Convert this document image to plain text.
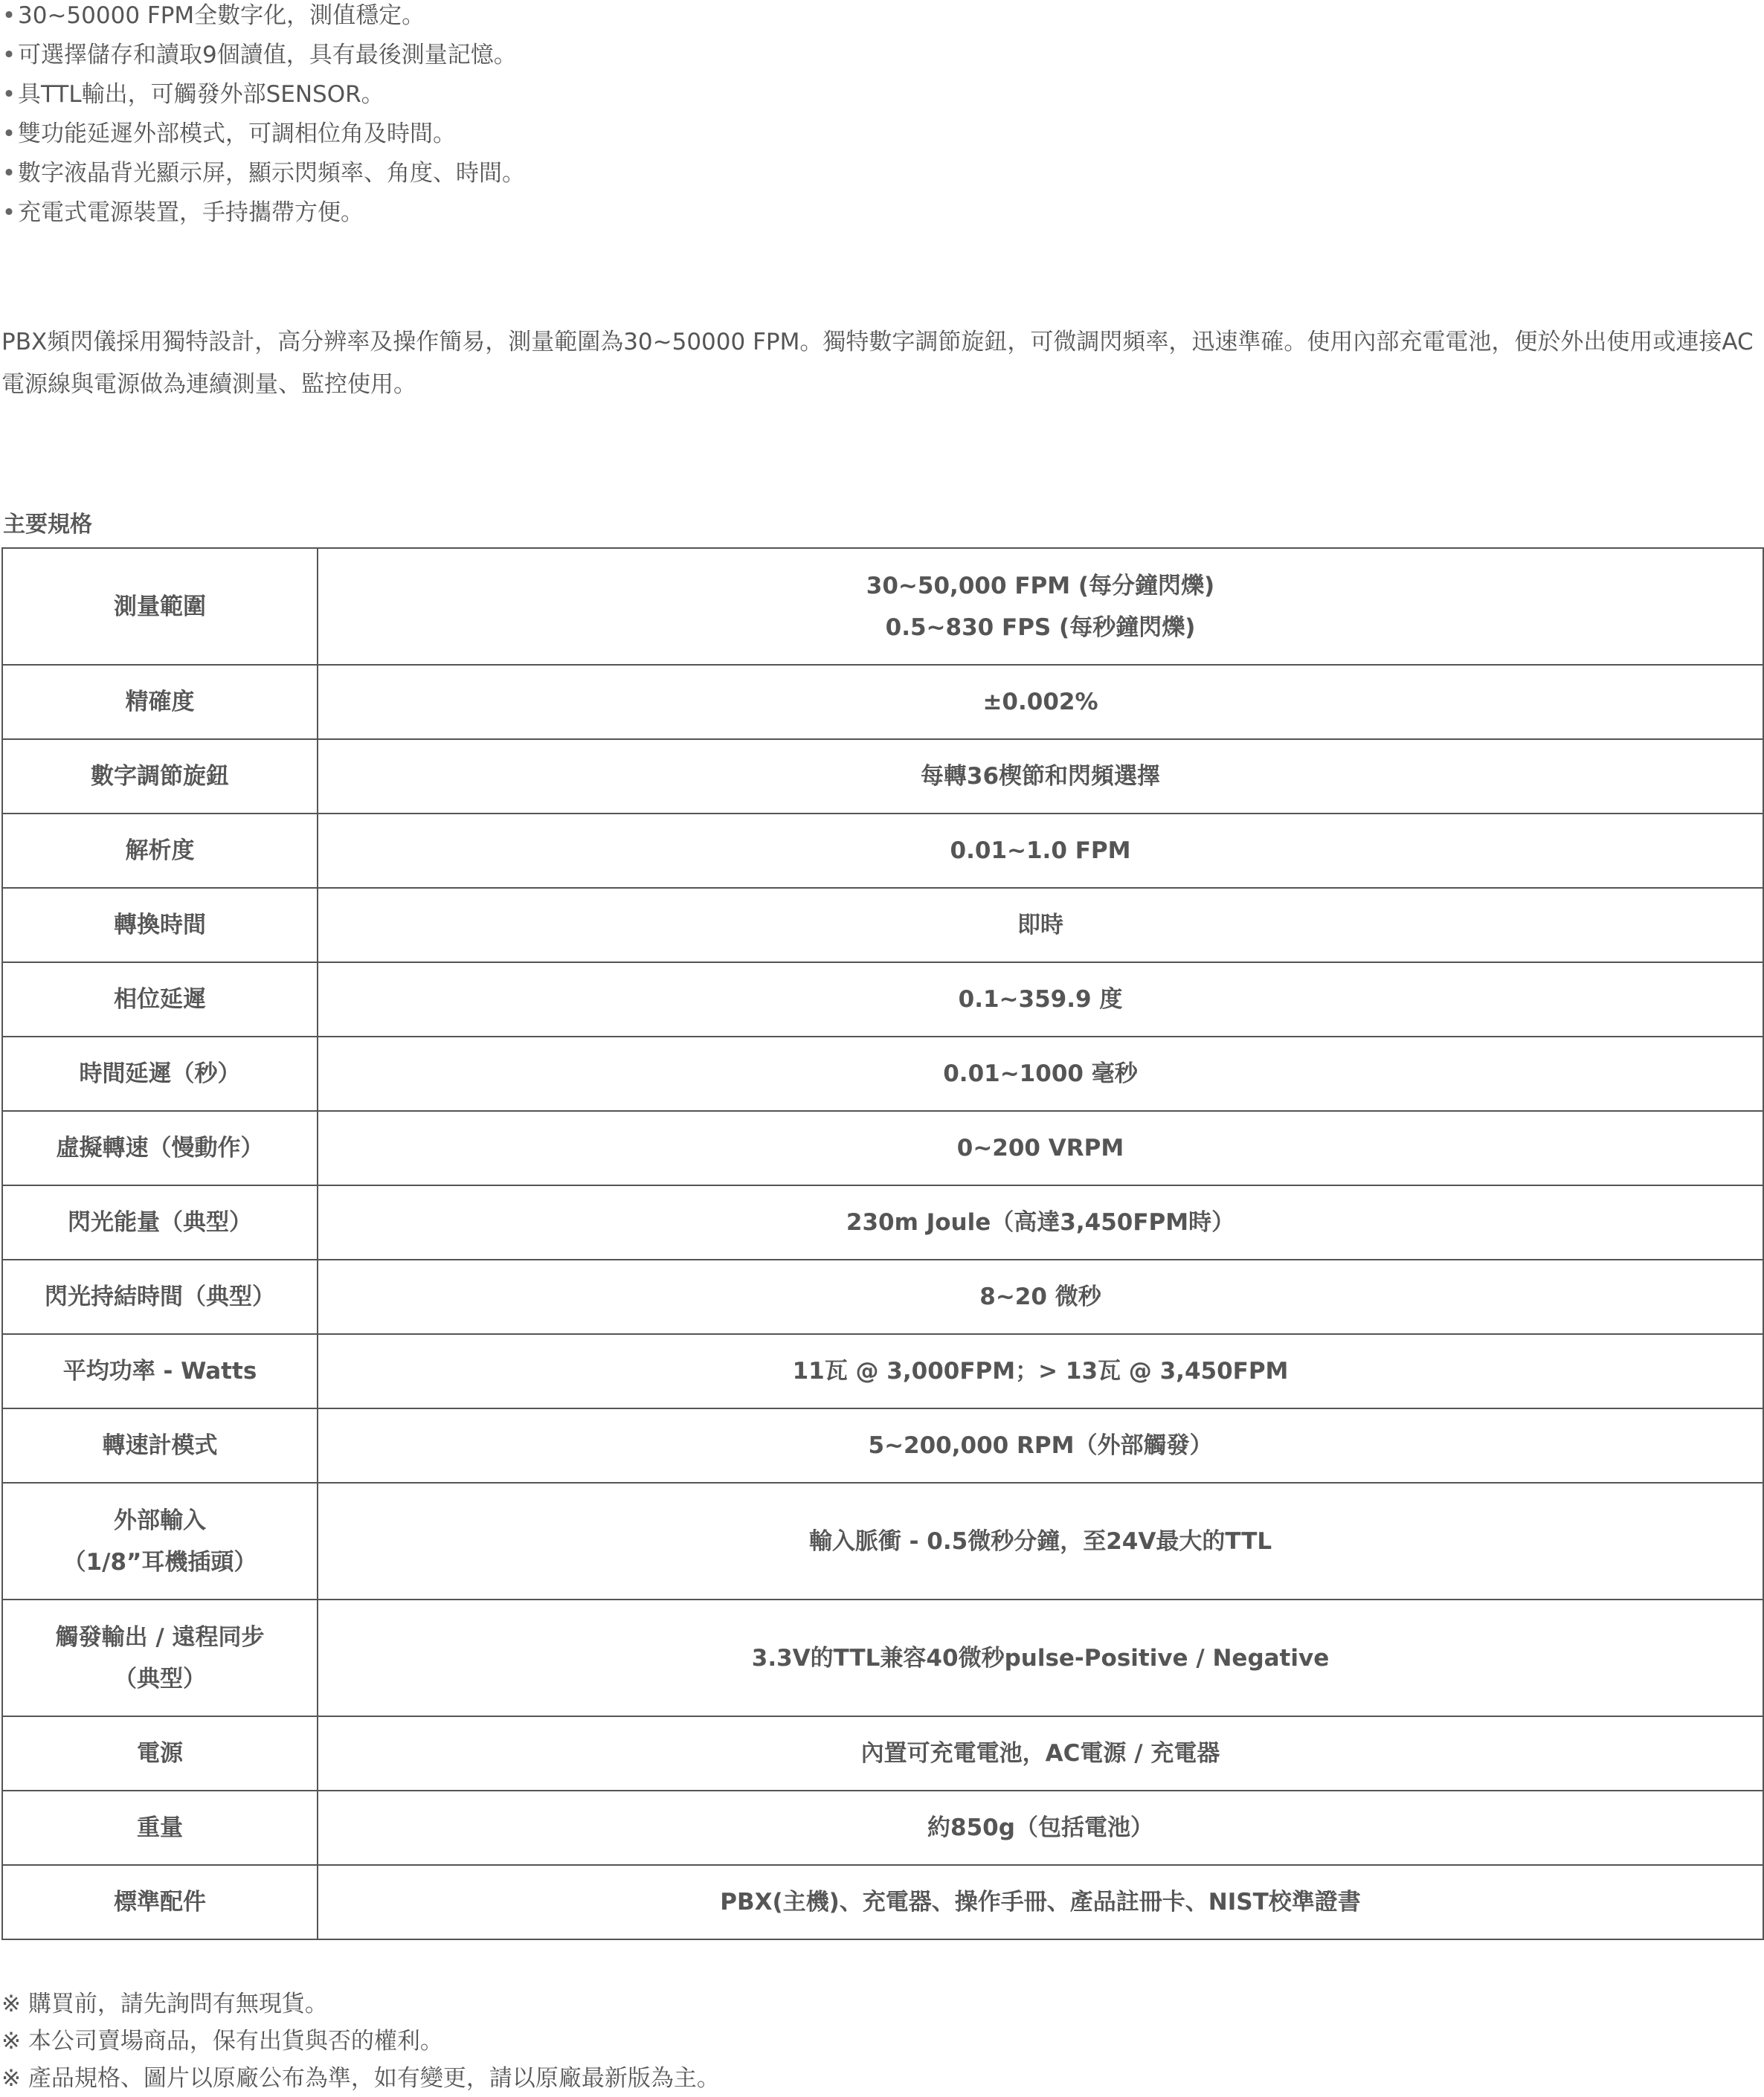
•30~50000 FPM全數字化，測值穩定。
•可選擇儲存和讀取9個讀值，具有最後測量記憶。
•具TTL輸出，可觸發外部SENSOR。
•雙功能延遲外部模式，可調相位角及時間。
•數字液晶背光顯示屏，顯示閃頻率、角度、時間。
•充電式電源裝置，手持攜帶方便。

PBX頻閃儀採用獨特設計，高分辨率及操作簡易，測量範圍為30~50000 FPM。獨特數字調節旋鈕，可微調閃頻率，迅速準確。使用內部充電電池，便於外出使用或連接AC電源線與電源做為連續測量、監控使用。

主要規格
測量範圍	30~50,000 FPM (每分鐘閃爍)
0.5~830 FPS (每秒鐘閃爍)

精確度	±0.002%

數字調節旋鈕	每轉36楔節和閃頻選擇

解析度	0.01~1.0 FPM

轉換時間	即時

相位延遲	0.1~359.9 度

時間延遲（秒）	0.01~1000 毫秒

虛擬轉速（慢動作）	0~200 VRPM

閃光能量（典型）	230m Joule（高達3,450FPM時）

閃光持結時間（典型）	8~20 微秒

平均功率 - Watts	11瓦 @ 3,000FPM；> 13瓦 @ 3,450FPM

轉速計模式	5~200,000 RPM（外部觸發）

外部輸入
（1/8”耳機插頭）	輸入脈衝 - 0.5微秒分鐘，至24V最大的TTL

觸發輸出 / 遠程同步
（典型）	3.3V的TTL兼容40微秒pulse-Positive / Negative

電源	內置可充電電池，AC電源 / 充電器

重量	約850g（包括電池）

標準配件	PBX(主機)、充電器、操作手冊、產品註冊卡、NIST校準證書
※ 購買前，請先詢問有無現貨。
※ 本公司賣場商品，保有出貨與否的權利。
※ 產品規格、圖片以原廠公布為準，如有變更，請以原廠最新版為主。
